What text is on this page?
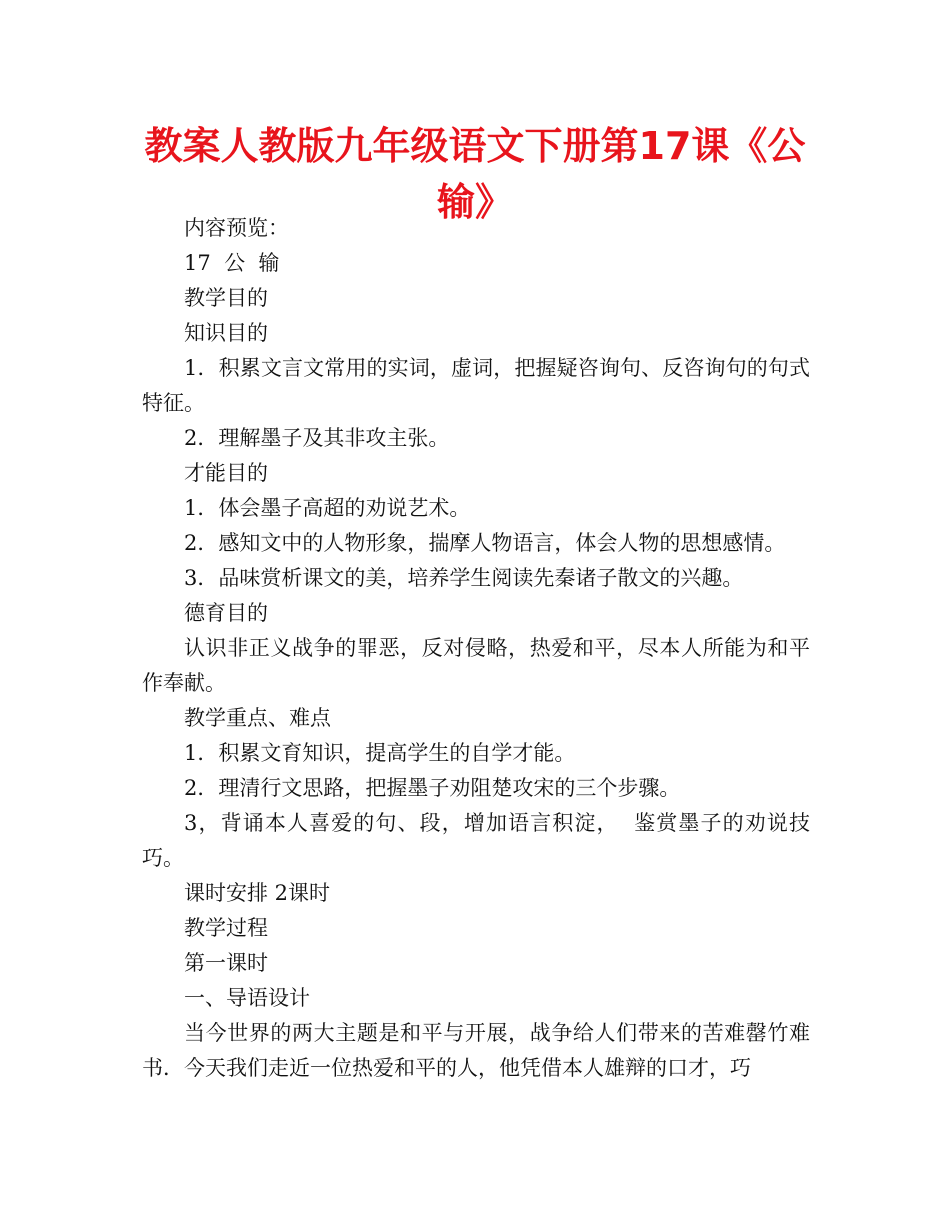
教案人教版九年级语文下册第17课《公输》

内容预览：

17  公  输

教学目的

知识目的

1．积累文言文常用的实词，虚词，把握疑咨询句、反咨询句的句式特征。

2．理解墨子及其非攻主张。

才能目的

1．体会墨子高超的劝说艺术。

2．感知文中的人物形象，揣摩人物语言，体会人物的思想感情。

3．品味赏析课文的美，培养学生阅读先秦诸子散文的兴趣。

德育目的

认识非正义战争的罪恶，反对侵略，热爱和平，尽本人所能为和平作奉献。

教学重点、难点

1．积累文育知识，提高学生的自学才能。

2．理清行文思路，把握墨子劝阻楚攻宋的三个步骤。

3，背诵本人喜爱的句、段，增加语言积淀，  鉴赏墨子的劝说技巧。

课时安排 2课时

教学过程

第一课时

一、导语设计

当今世界的两大主题是和平与开展，战争给人们带来的苦难罄竹难书．今天我们走近一位热爱和平的人，他凭借本人雄辩的口才，巧
